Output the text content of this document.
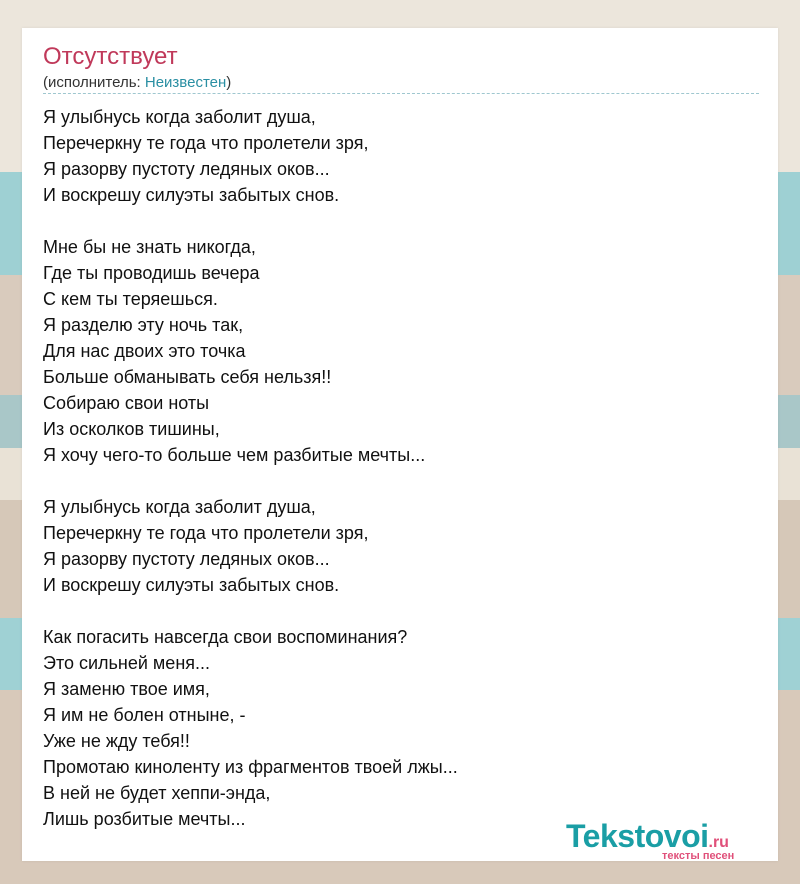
Отсутствует
(исполнитель: Неизвестен)
Я улыбнусь когда заболит душа,
Перечеркну те года что пролетели зря,
Я разорву пустоту ледяных оков...
И воскрешу силуэты забытых снов.
Мне бы не знать никогда,
Где ты проводишь вечера
С кем ты теряешься.
Я разделю эту ночь так,
Для нас двоих это точка
Больше обманывать себя нельзя!!
Собираю свои ноты
Из осколков тишины,
Я хочу чего-то больше чем разбитые мечты...
Я улыбнусь когда заболит душа,
Перечеркну те года что пролетели зря,
Я разорву пустоту ледяных оков...
И воскрешу силуэты забытых снов.
Как погасить навсегда свои воспоминания?
Это сильней меня...
Я заменю твое имя,
Я им не болен отныне, -
Уже не жду тебя!!
Промотаю киноленту из фрагментов твоей лжы...
В ней не будет хеппи-энда,
Лишь розбитые мечты...	Tekstovoi.ru
тексты песен
